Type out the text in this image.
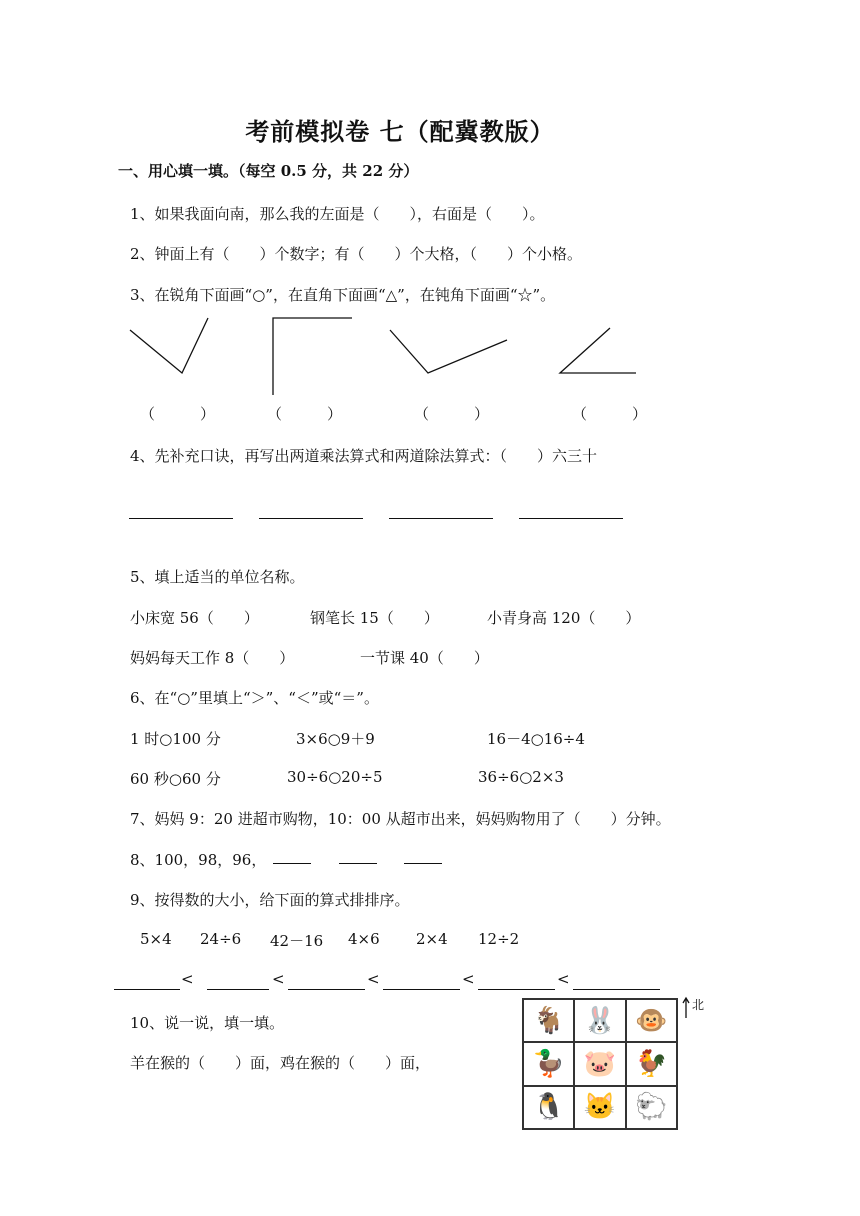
考前模拟卷 七（配冀教版）
一、用心填一填。（每空 0.5 分，共 22 分）
1、如果我面向南，那么我的左面是（　　），右面是（　　）。
2、钟面上有（　　）个数字；有（　　）个大格，（　　）个小格。
3、在锐角下面画“○”，在直角下面画“△”，在钝角下面画“☆”。
（　　　）	（　　　）	（　　　）	（　　　）
4、先补充口诀，再写出两道乘法算式和两道除法算式：（　　）六三十
5、填上适当的单位名称。
小床宽 56（　　）	钢笔长 15（　　）	小青身高 120（　　）
妈妈每天工作 8（　　）	一节课 40（　　）
6、在“○”里填上“＞”、“＜”或“＝”。
1 时○100 分	3×6○9＋9	16－4○16÷4
60 秒○60 分	30÷6○20÷5	36÷6○2×3
7、妈妈 9：20 进超市购物，10：00 从超市出来，妈妈购物用了（　　）分钟。
8、100，98，96，
9、按得数的大小，给下面的算式排排序。
5×4 24÷6 42－16 4×6 2×4 12÷2
<	<	<	<	<
10、说一说，填一填。
羊在猴的（　　）面，鸡在猴的（　　）面，
🐐 🐰 🐵
🦆 🐷 🐓
🐧 🐱 🐑
北
